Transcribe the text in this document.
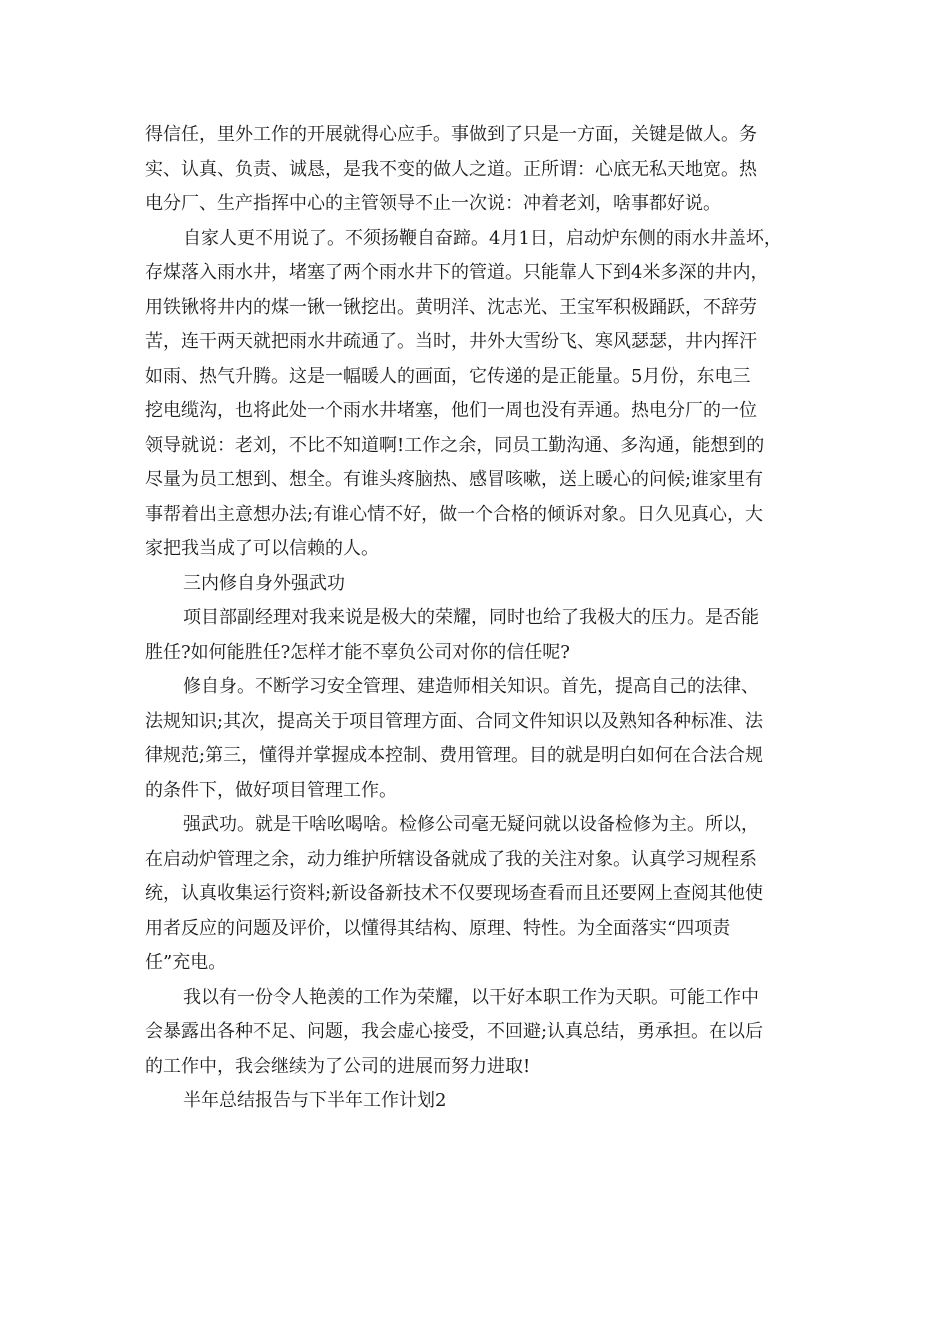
得信任，里外工作的开展就得心应手。事做到了只是一方面，关键是做人。务
实、认真、负责、诚恳，是我不变的做人之道。正所谓：心底无私天地宽。热
电分厂、生产指挥中心的主管领导不止一次说：冲着老刘，啥事都好说。
自家人更不用说了。不须扬鞭自奋蹄。4月1日，启动炉东侧的雨水井盖坏，
存煤落入雨水井，堵塞了两个雨水井下的管道。只能靠人下到4米多深的井内，
用铁锹将井内的煤一锹一锹挖出。黄明洋、沈志光、王宝军积极踊跃，不辞劳
苦，连干两天就把雨水井疏通了。当时，井外大雪纷飞、寒风瑟瑟，井内挥汗
如雨、热气升腾。这是一幅暖人的画面，它传递的是正能量。5月份，东电三
挖电缆沟，也将此处一个雨水井堵塞，他们一周也没有弄通。热电分厂的一位
领导就说：老刘，不比不知道啊!工作之余，同员工勤沟通、多沟通，能想到的
尽量为员工想到、想全。有谁头疼脑热、感冒咳嗽，送上暖心的问候;谁家里有
事帮着出主意想办法;有谁心情不好，做一个合格的倾诉对象。日久见真心，大
家把我当成了可以信赖的人。
三内修自身外强武功
项目部副经理对我来说是极大的荣耀，同时也给了我极大的压力。是否能
胜任?如何能胜任?怎样才能不辜负公司对你的信任呢?
修自身。不断学习安全管理、建造师相关知识。首先，提高自己的法律、
法规知识;其次，提高关于项目管理方面、合同文件知识以及熟知各种标准、法
律规范;第三，懂得并掌握成本控制、费用管理。目的就是明白如何在合法合规
的条件下，做好项目管理工作。
强武功。就是干啥吆喝啥。检修公司毫无疑问就以设备检修为主。所以，
在启动炉管理之余，动力维护所辖设备就成了我的关注对象。认真学习规程系
统，认真收集运行资料;新设备新技术不仅要现场查看而且还要网上查阅其他使
用者反应的问题及评价，以懂得其结构、原理、特性。为全面落实“四项责
任”充电。
我以有一份令人艳羡的工作为荣耀，以干好本职工作为天职。可能工作中
会暴露出各种不足、问题，我会虚心接受，不回避;认真总结，勇承担。在以后
的工作中，我会继续为了公司的进展而努力进取!
半年总结报告与下半年工作计划2
